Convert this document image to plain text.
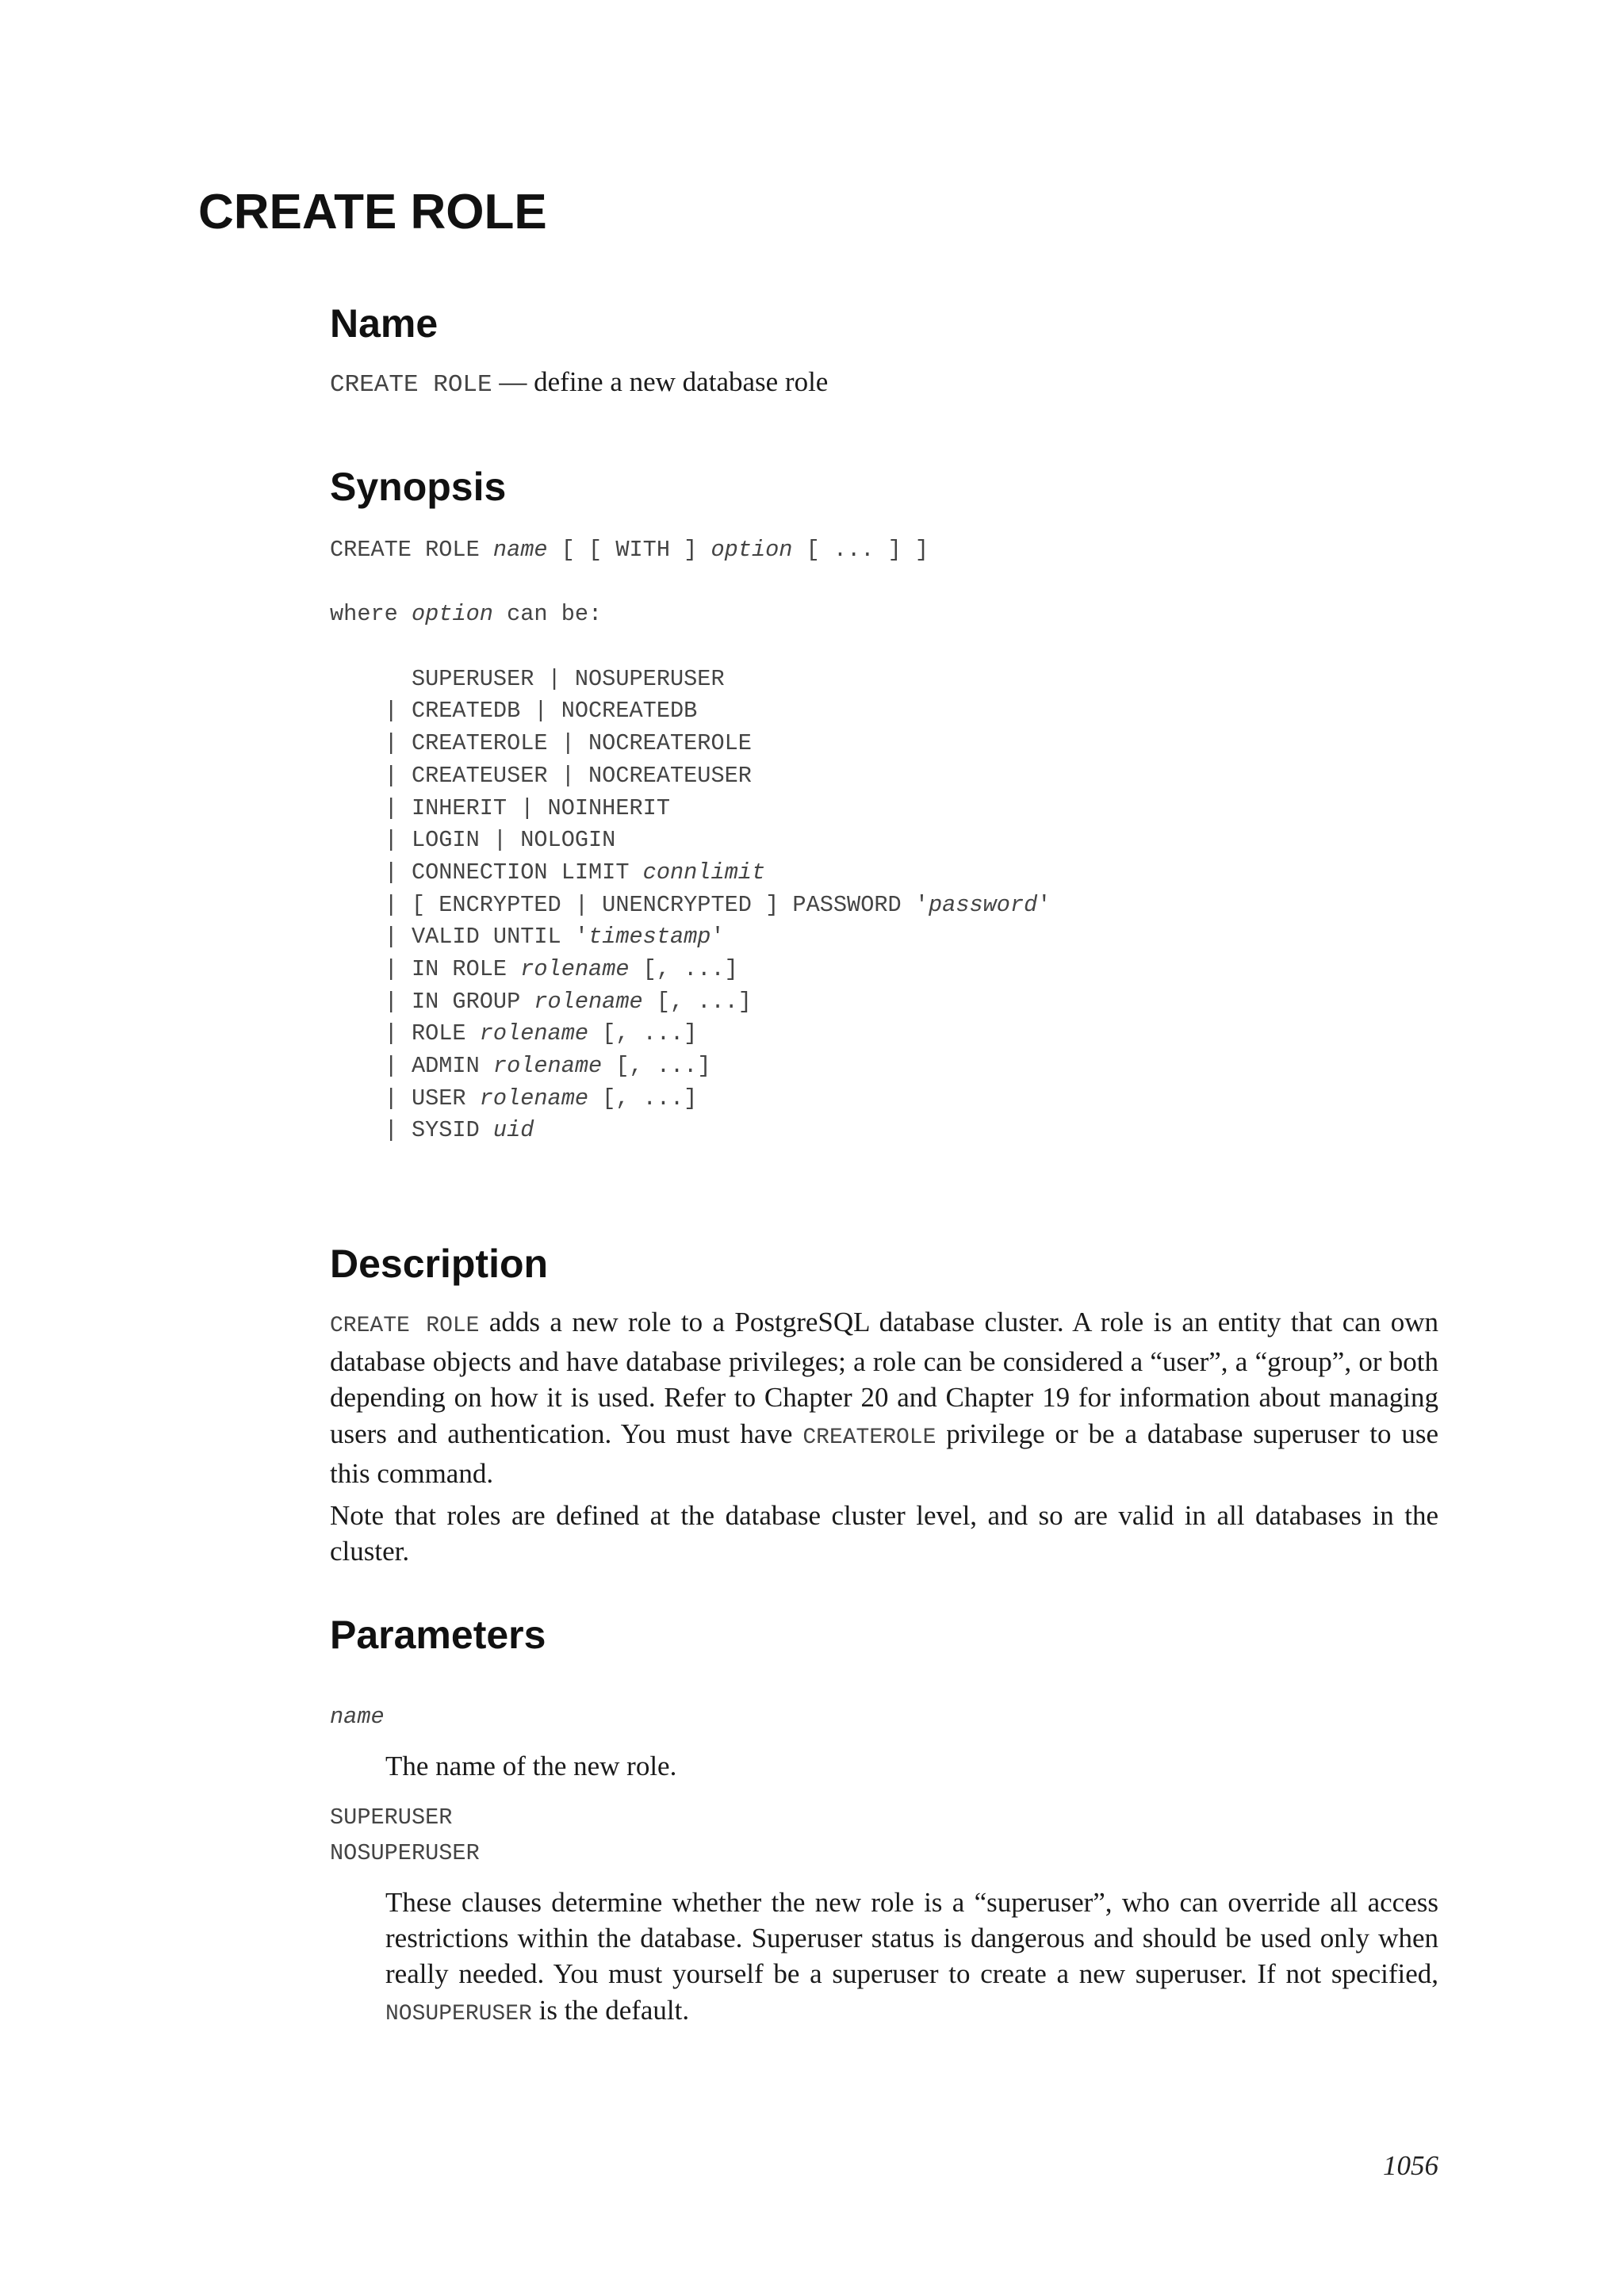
CREATE ROLE
Name
CREATE ROLE — define a new database role
Synopsis
CREATE ROLE name [ [ WITH ] option [ ... ] ]
where option can be:
SUPERUSER | NOSUPERUSER
| CREATEDB | NOCREATEDB
| CREATEROLE | NOCREATEROLE
| CREATEUSER | NOCREATEUSER
| INHERIT | NOINHERIT
| LOGIN | NOLOGIN
| CONNECTION LIMIT connlimit
| [ ENCRYPTED | UNENCRYPTED ] PASSWORD 'password'
| VALID UNTIL 'timestamp'
| IN ROLE rolename [, ...]
| IN GROUP rolename [, ...]
| ROLE rolename [, ...]
| ADMIN rolename [, ...]
| USER rolename [, ...]
| SYSID uid
Description

CREATE ROLE adds a new role to a PostgreSQL database cluster. A role is an entity that can own database objects and have database privileges; a role can be considered a “user”, a “group”, or both depending on how it is used. Refer to Chapter 20 and Chapter 19 for information about managing users and authentication. You must have CREATEROLE privilege or be a database superuser to use this command.

Note that roles are defined at the database cluster level, and so are valid in all databases in the cluster.

Parameters
name

The name of the new role.

SUPERUSER
NOSUPERUSER

These clauses determine whether the new role is a “superuser”, who can override all access restrictions within the database. Superuser status is dangerous and should be used only when really needed. You must yourself be a superuser to create a new superuser. If not specified, NOSUPERUSER is the default.

1056
